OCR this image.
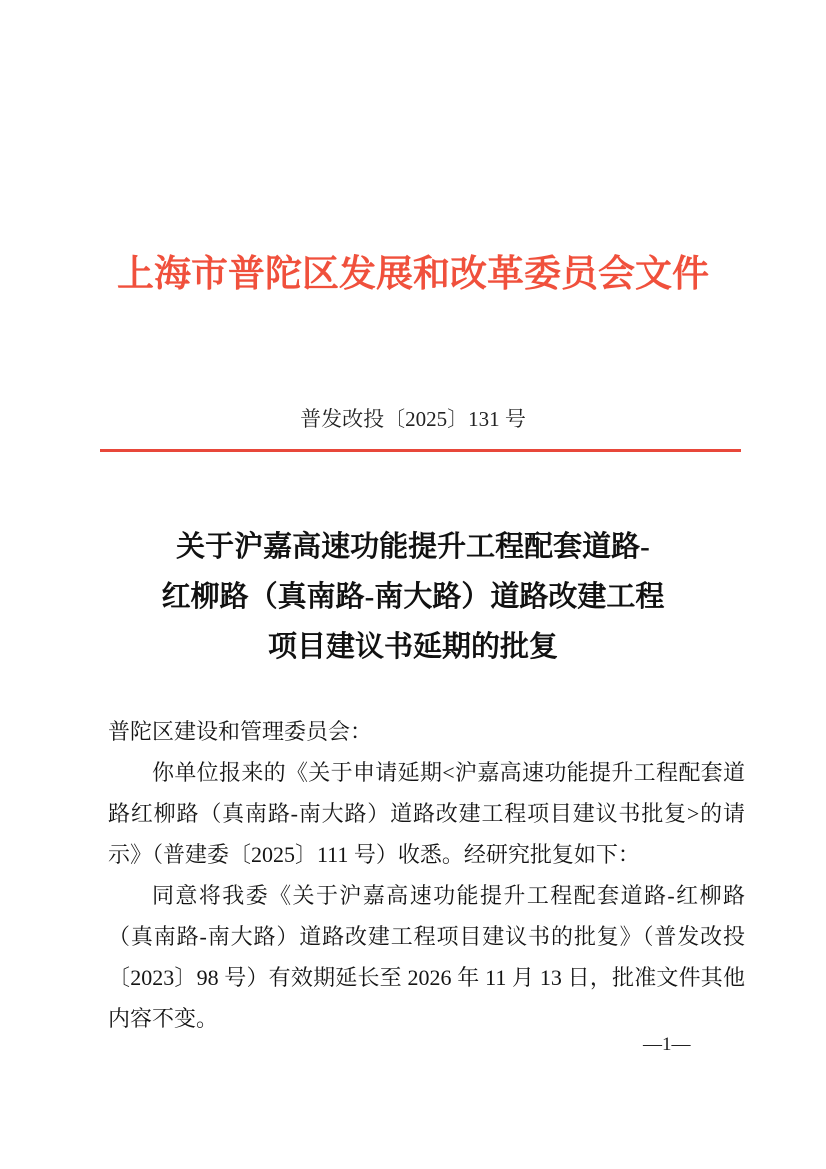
上海市普陀区发展和改革委员会文件
普发改投〔2025〕131 号
关于沪嘉高速功能提升工程配套道路-
红柳路（真南路-南大路）道路改建工程
项目建议书延期的批复
普陀区建设和管理委员会：
你单位报来的《关于申请延期<沪嘉高速功能提升工程配套道
路红柳路（真南路-南大路）道路改建工程项目建议书批复>的请
示》（普建委〔2025〕111 号）收悉。经研究批复如下：
同意将我委《关于沪嘉高速功能提升工程配套道路-红柳路
（真南路-南大路）道路改建工程项目建议书的批复》（普发改投
〔2023〕98 号）有效期延长至 2026 年 11 月 13 日，批准文件其他
内容不变。
—1—
